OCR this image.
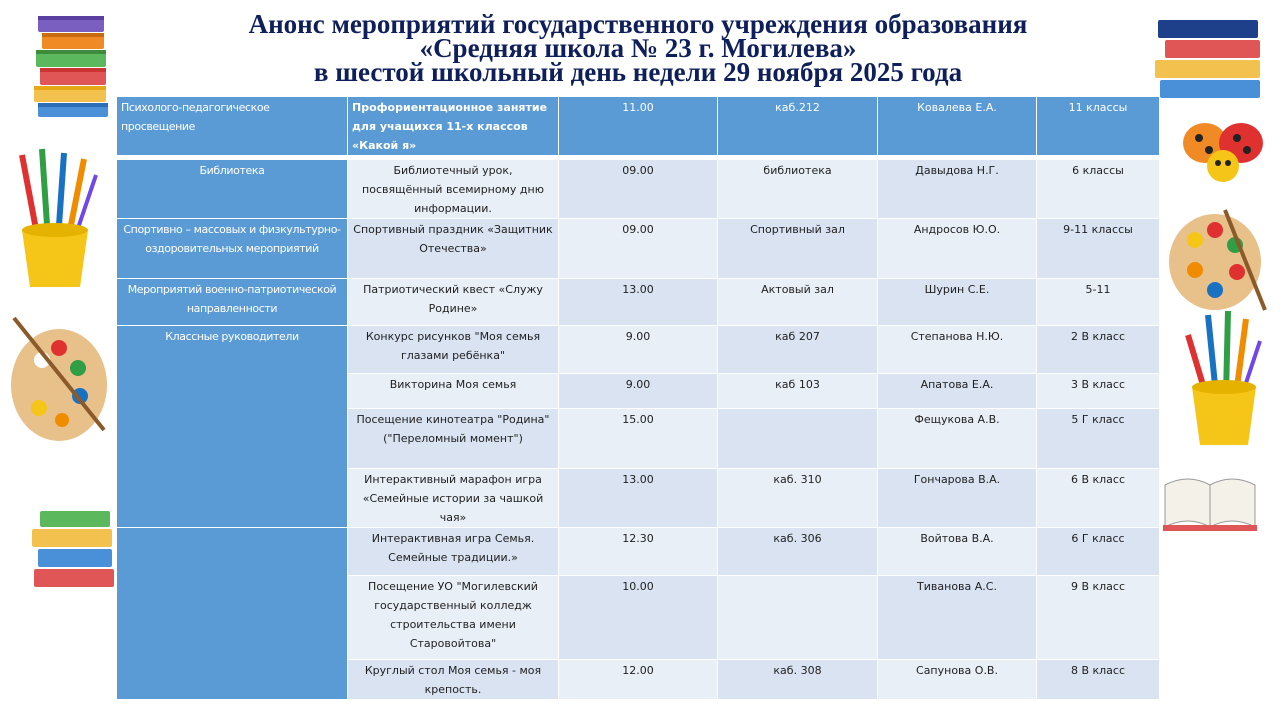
Анонс мероприятий государственного учреждения образования
«Средняя школа № 23 г. Могилева»
в шестой школьный день недели 29 ноября 2025 года
Психолого-педагогическое просвещение	Профориентационное занятие для учащихся 11-х классов «Какой я»	11.00	каб.212	Ковалева Е.А.	11 классы

Библиотека	Библиотечный урок, посвящённый всемирному дню информации.	09.00	библиотека	Давыдова Н.Г.	6 классы
Спортивно – массовых и физкультурно-оздоровительных мероприятий	Спортивный праздник «Защитник Отечества»	09.00	Спортивный зал	Андросов Ю.О.	9-11 классы
Мероприятий военно-патриотической направленности	Патриотический квест «Служу Родине»	13.00	Актовый зал	Шурин С.Е.	5-11
Классные руководители	Конкурс рисунков "Моя семья глазами ребёнка"	9.00	каб 207	Степанова Н.Ю.	2 В класс
	Викторина Моя семья	9.00	каб 103	Апатова Е.А.	3 В класс
	Посещение кинотеатра "Родина" ("Переломный момент")	15.00		Фещукова А.В.	5 Г класс
	Интерактивный марафон игра «Семейные истории за чашкой чая»	13.00	каб. 310	Гончарова В.А.	6 В класс
	Интерактивная игра Семья. Семейные традиции.»	12.30	каб. 306	Войтова В.А.	6 Г класс
	Посещение УО "Могилевский государственный колледж строительства имени Старовойтова"	10.00		Тиванова А.С.	9 В класс
	Круглый стол Моя семья - моя крепость.	12.00	каб. 308	Сапунова О.В.	8 В класс
